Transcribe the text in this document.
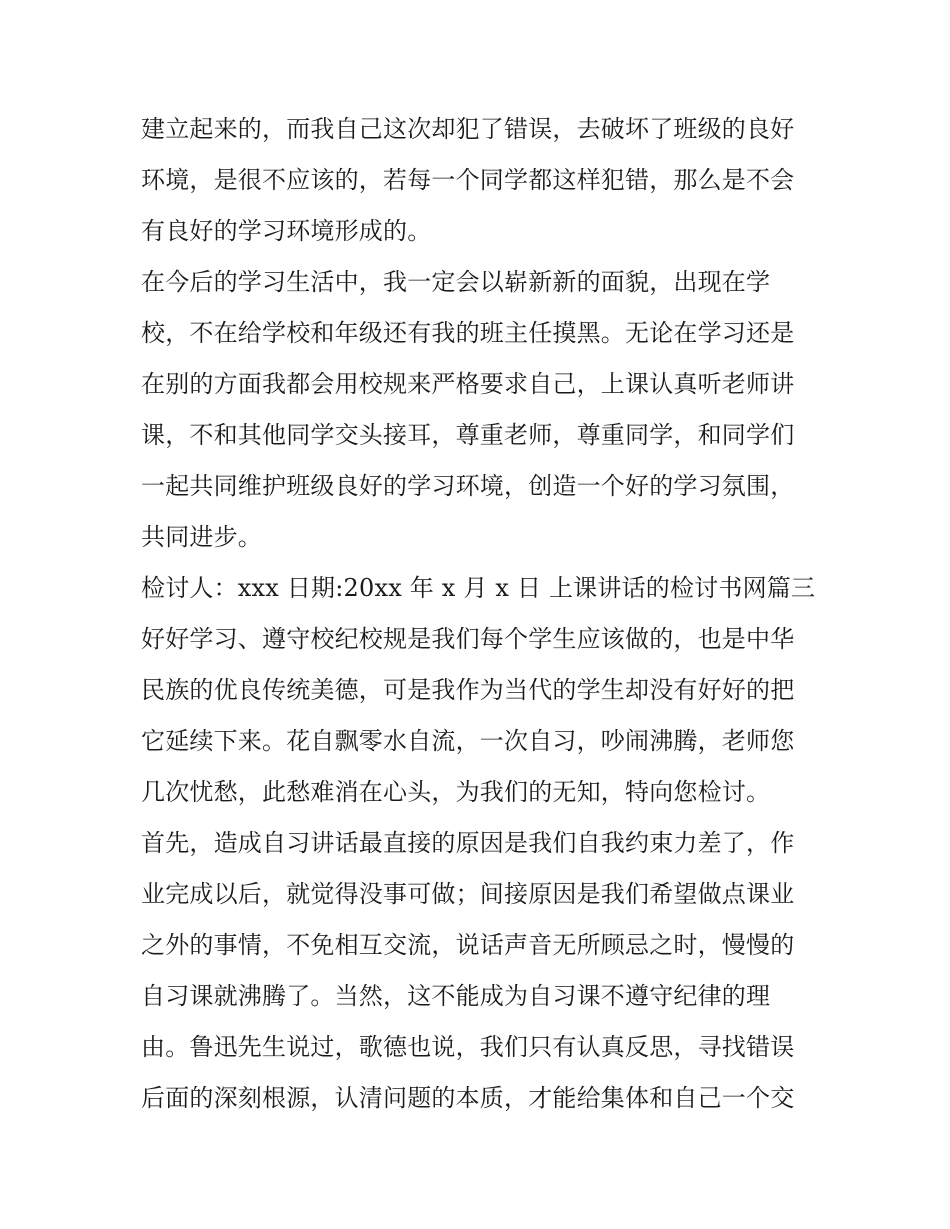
建立起来的，而我自己这次却犯了错误，去破坏了班级的良好
环境，是很不应该的，若每一个同学都这样犯错，那么是不会
有良好的学习环境形成的。
在今后的学习生活中，我一定会以崭新新的面貌，出现在学
校，不在给学校和年级还有我的班主任摸黑。无论在学习还是
在别的方面我都会用校规来严格要求自己，上课认真听老师讲
课，不和其他同学交头接耳，尊重老师，尊重同学，和同学们
一起共同维护班级良好的学习环境，创造一个好的学习氛围，
共同进步。
检讨人：xxx 日期:20xx 年 x 月 x 日 上课讲话的检讨书网篇三
好好学习、遵守校纪校规是我们每个学生应该做的，也是中华
民族的优良传统美德，可是我作为当代的学生却没有好好的把
它延续下来。花自飘零水自流，一次自习，吵闹沸腾，老师您
几次忧愁，此愁难消在心头，为我们的无知，特向您检讨。
首先，造成自习讲话最直接的原因是我们自我约束力差了，作
业完成以后，就觉得没事可做；间接原因是我们希望做点课业
之外的事情，不免相互交流，说话声音无所顾忌之时，慢慢的
自习课就沸腾了。当然，这不能成为自习课不遵守纪律的理
由。鲁迅先生说过，歌德也说，我们只有认真反思，寻找错误
后面的深刻根源，认清问题的本质，才能给集体和自己一个交
